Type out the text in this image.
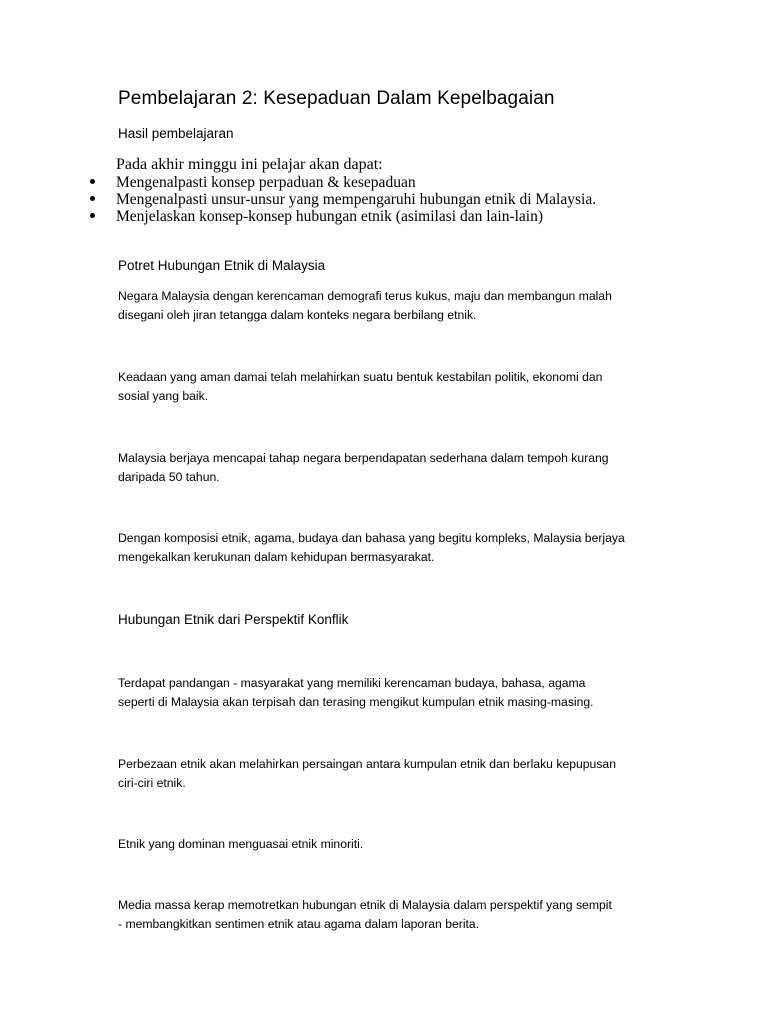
Pembelajaran 2: Kesepaduan Dalam Kepelbagaian
Hasil pembelajaran
Pada akhir minggu ini pelajar akan dapat:
Mengenalpasti konsep perpaduan & kesepaduan
Mengenalpasti unsur-unsur yang mempengaruhi hubungan etnik di Malaysia.
Menjelaskan konsep-konsep hubungan etnik (asimilasi dan lain-lain)
Potret Hubungan Etnik di Malaysia
Negara Malaysia dengan kerencaman demografi terus kukus, maju dan membangun malah
disegani oleh jiran tetangga dalam konteks negara berbilang etnik.
Keadaan yang aman damai telah melahirkan suatu bentuk kestabilan politik, ekonomi dan
sosial yang baik.
Malaysia berjaya mencapai tahap negara berpendapatan sederhana dalam tempoh kurang
daripada 50 tahun.
Dengan komposisi etnik, agama, budaya dan bahasa yang begitu kompleks, Malaysia berjaya
mengekalkan kerukunan dalam kehidupan bermasyarakat.
Hubungan Etnik dari Perspektif Konflik
Terdapat pandangan - masyarakat yang memiliki kerencaman budaya, bahasa, agama
seperti di Malaysia akan terpisah dan terasing mengikut kumpulan etnik masing-masing.
Perbezaan etnik akan melahirkan persaingan antara kumpulan etnik dan berlaku kepupusan
ciri-ciri etnik.
Etnik yang dominan menguasai etnik minoriti.
Media massa kerap memotretkan hubungan etnik di Malaysia dalam perspektif yang sempit
- membangkitkan sentimen etnik atau agama dalam laporan berita.
